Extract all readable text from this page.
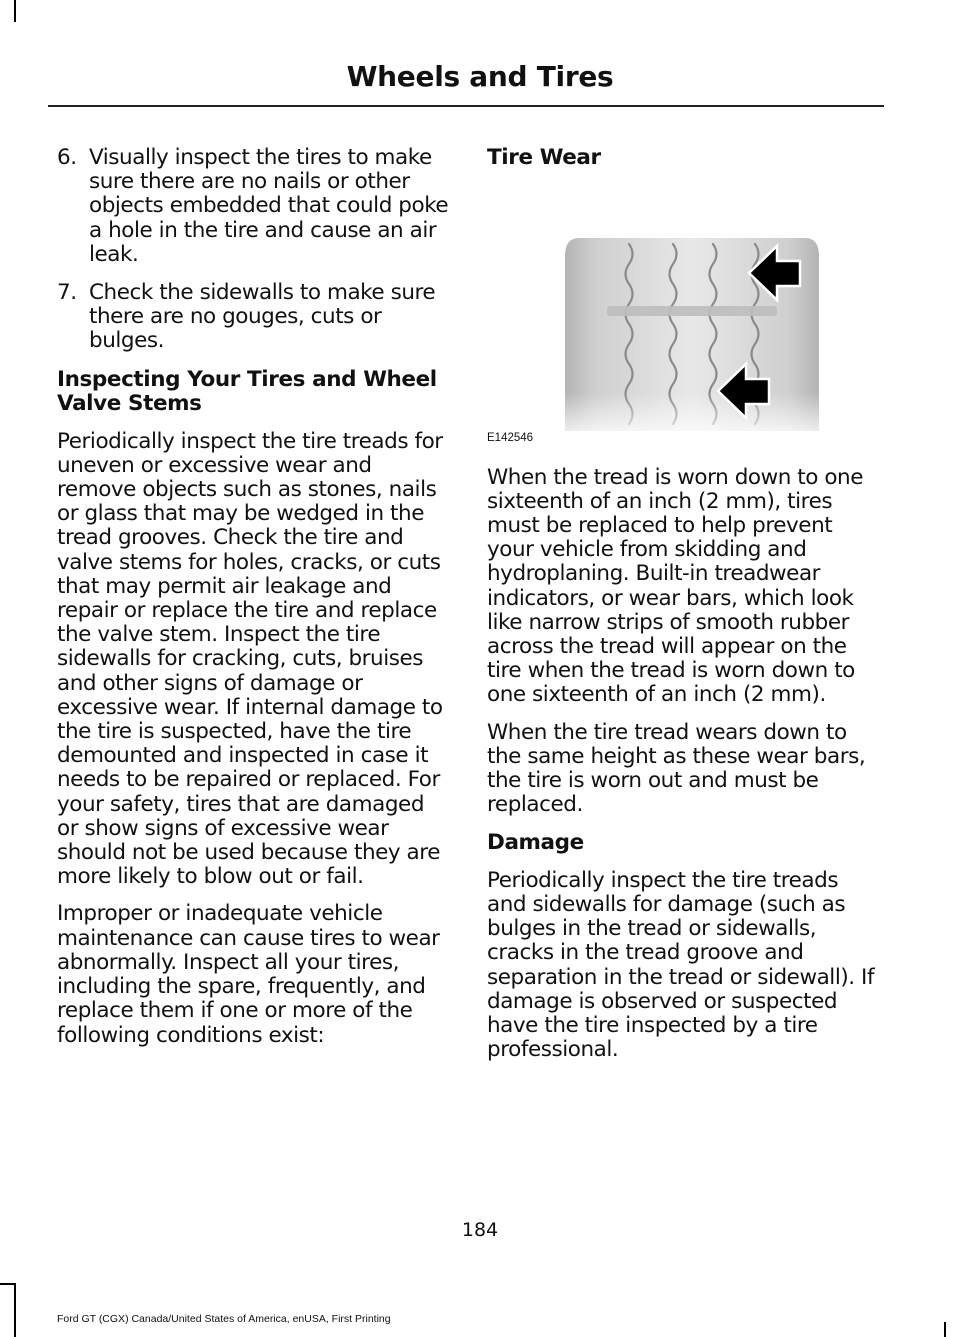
Wheels and Tires
6. Visually inspect the tires to make sure there are no nails or other objects embedded that could poke a hole in the tire and cause an air leak.
7. Check the sidewalls to make sure there are no gouges, cuts or bulges.
Inspecting Your Tires and Wheel Valve Stems

Periodically inspect the tire treads for uneven or excessive wear and remove objects such as stones, nails or glass that may be wedged in the tread grooves. Check the tire and valve stems for holes, cracks, or cuts that may permit air leakage and repair or replace the tire and replace the valve stem. Inspect the tire sidewalls for cracking, cuts, bruises and other signs of damage or excessive wear. If internal damage to the tire is suspected, have the tire demounted and inspected in case it needs to be repaired or replaced. For your safety, tires that are damaged or show signs of excessive wear should not be used because they are more likely to blow out or fail.

Improper or inadequate vehicle maintenance can cause tires to wear abnormally. Inspect all your tires, including the spare, frequently, and replace them if one or more of the following conditions exist:

Tire Wear
E142546

When the tread is worn down to one sixteenth of an inch (2 mm), tires must be replaced to help prevent your vehicle from skidding and hydroplaning. Built-in treadwear indicators, or wear bars, which look like narrow strips of smooth rubber across the tread will appear on the tire when the tread is worn down to one sixteenth of an inch (2 mm).

When the tire tread wears down to the same height as these wear bars, the tire is worn out and must be replaced.

Damage

Periodically inspect the tire treads and sidewalls for damage (such as bulges in the tread or sidewalls, cracks in the tread groove and separation in the tread or sidewall). If damage is observed or suspected have the tire inspected by a tire professional.

184
Ford GT (CGX) Canada/United States of America, enUSA, First Printing
